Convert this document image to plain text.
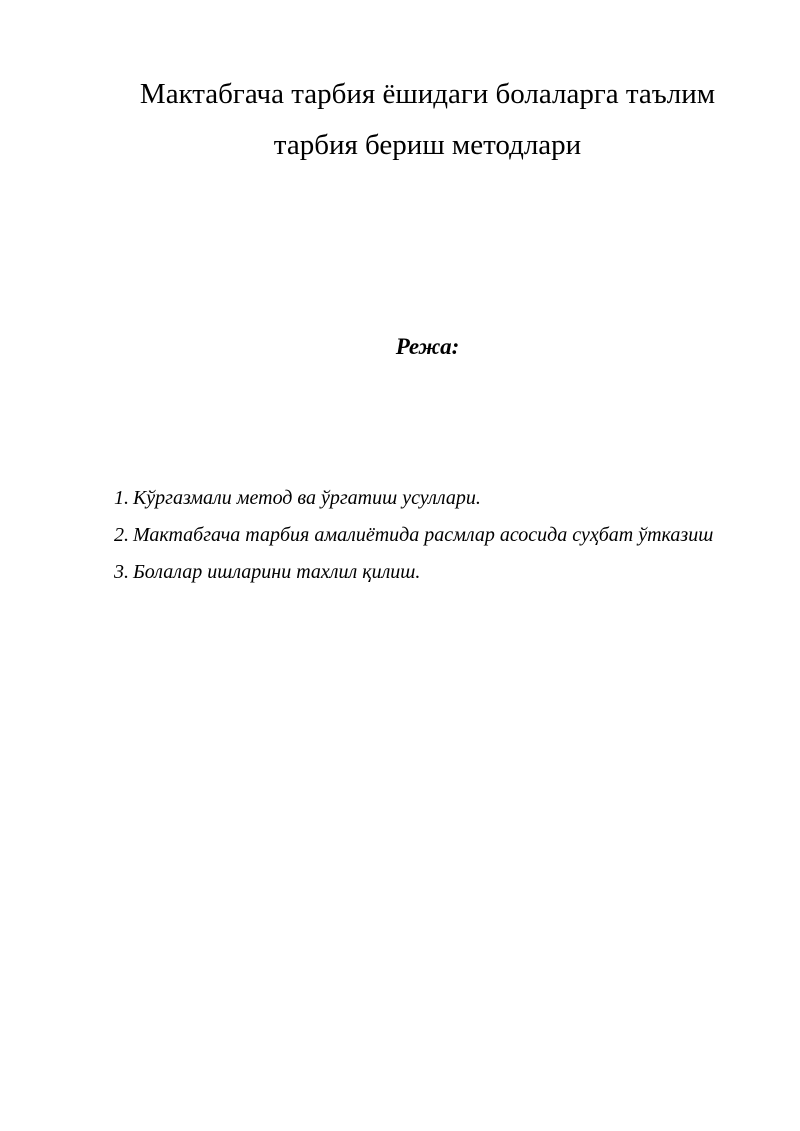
Мактабгача тарбия ёшидаги болаларга таълим
тарбия бериш методлари
Режа:
1. Кўргазмали метод ва ўргатиш усуллари.
2. Мактабгача тарбия амалиётида расмлар асосида суҳбат ўтказиш
3. Болалар ишларини тахлил қилиш.
